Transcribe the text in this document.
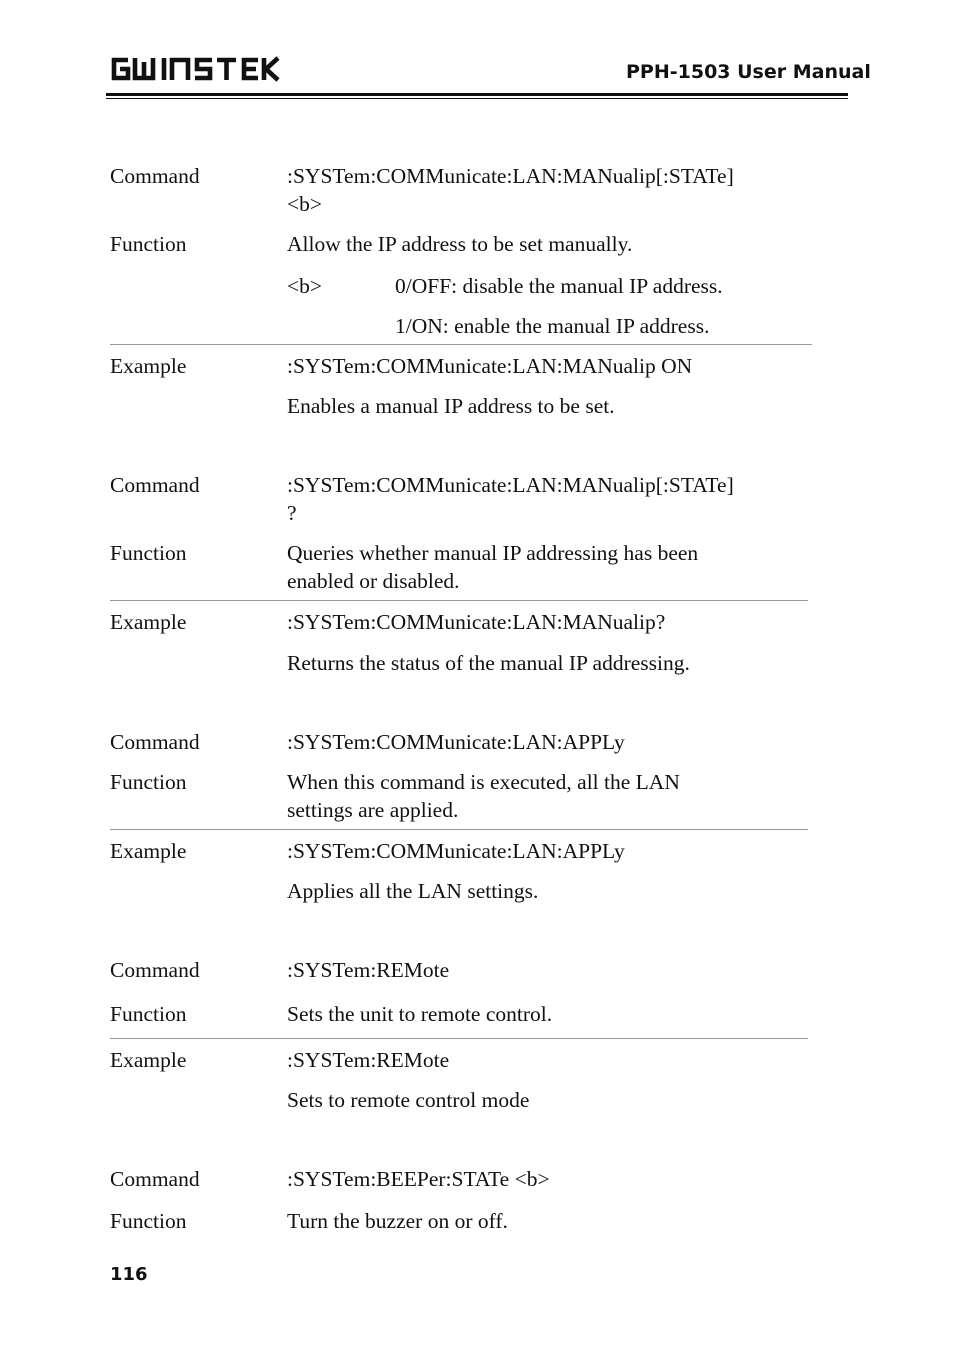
PPH-1503 User Manual
Command	:SYSTem:COMMunicate:LAN:MANualip[:STATe]
<b>
Function	Allow the IP address to be set manually.
<b>	0/OFF: disable the manual IP address.
1/ON: enable the manual IP address.
Example	:SYSTem:COMMunicate:LAN:MANualip ON
Enables a manual IP address to be set.
Command	:SYSTem:COMMunicate:LAN:MANualip[:STATe]
?
Function	Queries whether manual IP addressing has been
enabled or disabled.
Example	:SYSTem:COMMunicate:LAN:MANualip?
Returns the status of the manual IP addressing.
Command	:SYSTem:COMMunicate:LAN:APPLy
Function	When this command is executed, all the LAN
settings are applied.
Example	:SYSTem:COMMunicate:LAN:APPLy
Applies all the LAN settings.
Command	:SYSTem:REMote
Function	Sets the unit to remote control.
Example	:SYSTem:REMote
Sets to remote control mode
Command	:SYSTem:BEEPer:STATe <b>
Function	Turn the buzzer on or off.
116
